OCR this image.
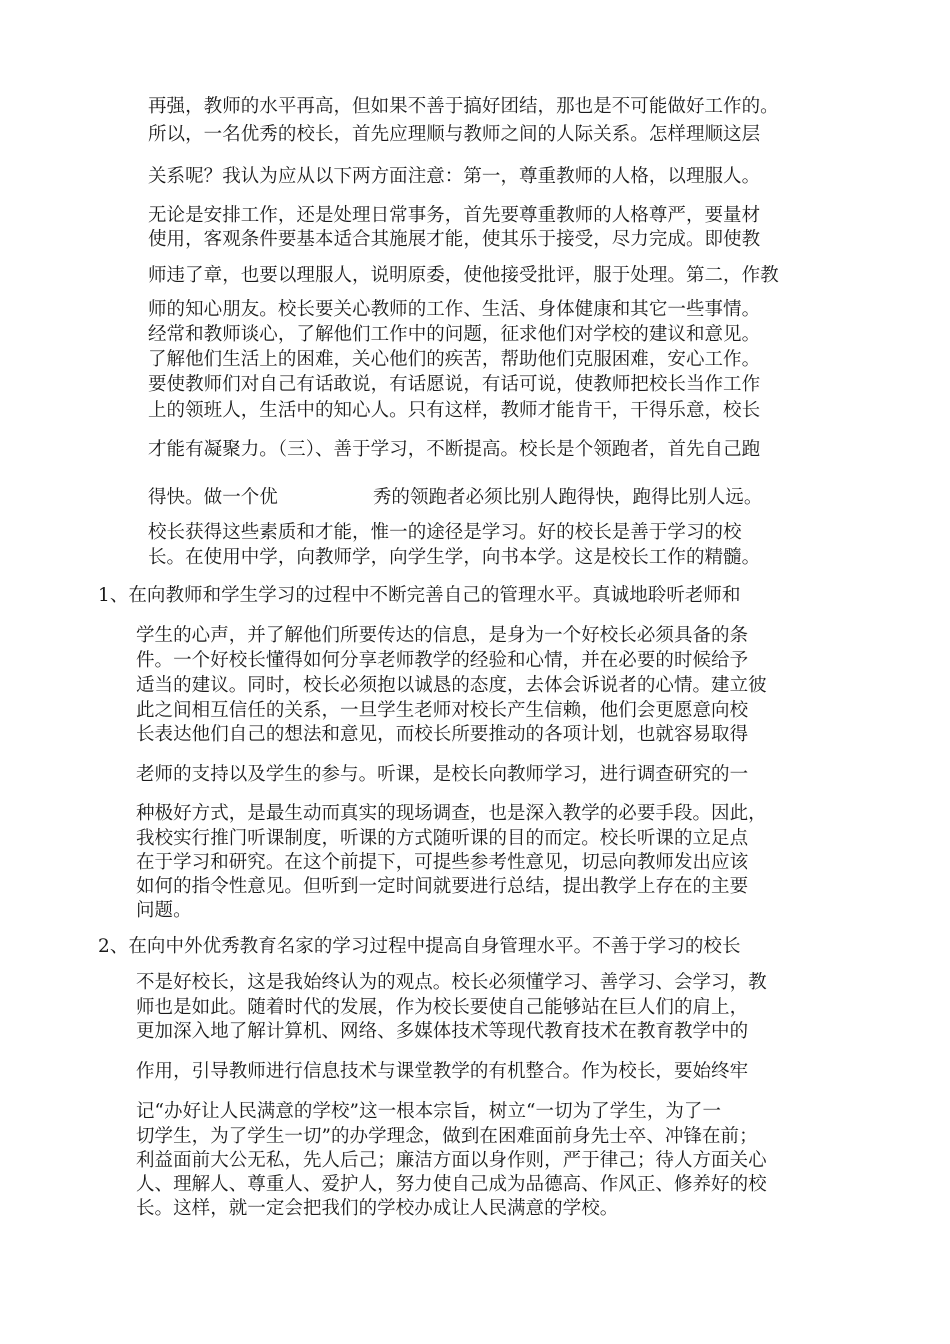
再强，教师的水平再高，但如果不善于搞好团结，那也是不可能做好工作的。
所以，一名优秀的校长，首先应理顺与教师之间的人际关系。怎样理顺这层
关系呢？我认为应从以下两方面注意：第一，尊重教师的人格，以理服人。
无论是安排工作，还是处理日常事务，首先要尊重教师的人格尊严，要量材
使用，客观条件要基本适合其施展才能，使其乐于接受，尽力完成。即使教
师违了章，也要以理服人，说明原委，使他接受批评，服于处理。第二，作教
师的知心朋友。校长要关心教师的工作、生活、身体健康和其它一些事情。
经常和教师谈心，了解他们工作中的问题，征求他们对学校的建议和意见。
了解他们生活上的困难，关心他们的疾苦，帮助他们克服困难，安心工作。
要使教师们对自己有话敢说，有话愿说，有话可说，使教师把校长当作工作
上的领班人，生活中的知心人。只有这样，教师才能肯干，干得乐意，校长
才能有凝聚力。（三）、善于学习，不断提高。校长是个领跑者，首先自己跑
得快。做一个优	秀的领跑者必须比别人跑得快，跑得比别人远。
校长获得这些素质和才能，惟一的途径是学习。好的校长是善于学习的校
长。在使用中学，向教师学，向学生学，向书本学。这是校长工作的精髓。
1、在向教师和学生学习的过程中不断完善自己的管理水平。真诚地聆听老师和
学生的心声，并了解他们所要传达的信息，是身为一个好校长必须具备的条
件。一个好校长懂得如何分享老师教学的经验和心情，并在必要的时候给予
适当的建议。同时，校长必须抱以诚恳的态度，去体会诉说者的心情。建立彼
此之间相互信任的关系，一旦学生老师对校长产生信赖，他们会更愿意向校
长表达他们自己的想法和意见，而校长所要推动的各项计划，也就容易取得
老师的支持以及学生的参与。听课，是校长向教师学习，进行调查研究的一
种极好方式，是最生动而真实的现场调查，也是深入教学的必要手段。因此，
我校实行推门听课制度，听课的方式随听课的目的而定。校长听课的立足点
在于学习和研究。在这个前提下，可提些参考性意见，切忌向教师发出应该
如何的指令性意见。但听到一定时间就要进行总结，提出教学上存在的主要
问题。
2、在向中外优秀教育名家的学习过程中提高自身管理水平。不善于学习的校长
不是好校长，这是我始终认为的观点。校长必须懂学习、善学习、会学习，教
师也是如此。随着时代的发展，作为校长要使自己能够站在巨人们的肩上，
更加深入地了解计算机、网络、多媒体技术等现代教育技术在教育教学中的
作用，引导教师进行信息技术与课堂教学的有机整合。作为校长，要始终牢
记“办好让人民满意的学校”这一根本宗旨，树立“一切为了学生，为了一
切学生，为了学生一切”的办学理念，做到在困难面前身先士卒、冲锋在前；
利益面前大公无私，先人后己；廉洁方面以身作则，严于律己；待人方面关心
人、理解人、尊重人、爱护人，努力使自己成为品德高、作风正、修养好的校
长。这样，就一定会把我们的学校办成让人民满意的学校。
